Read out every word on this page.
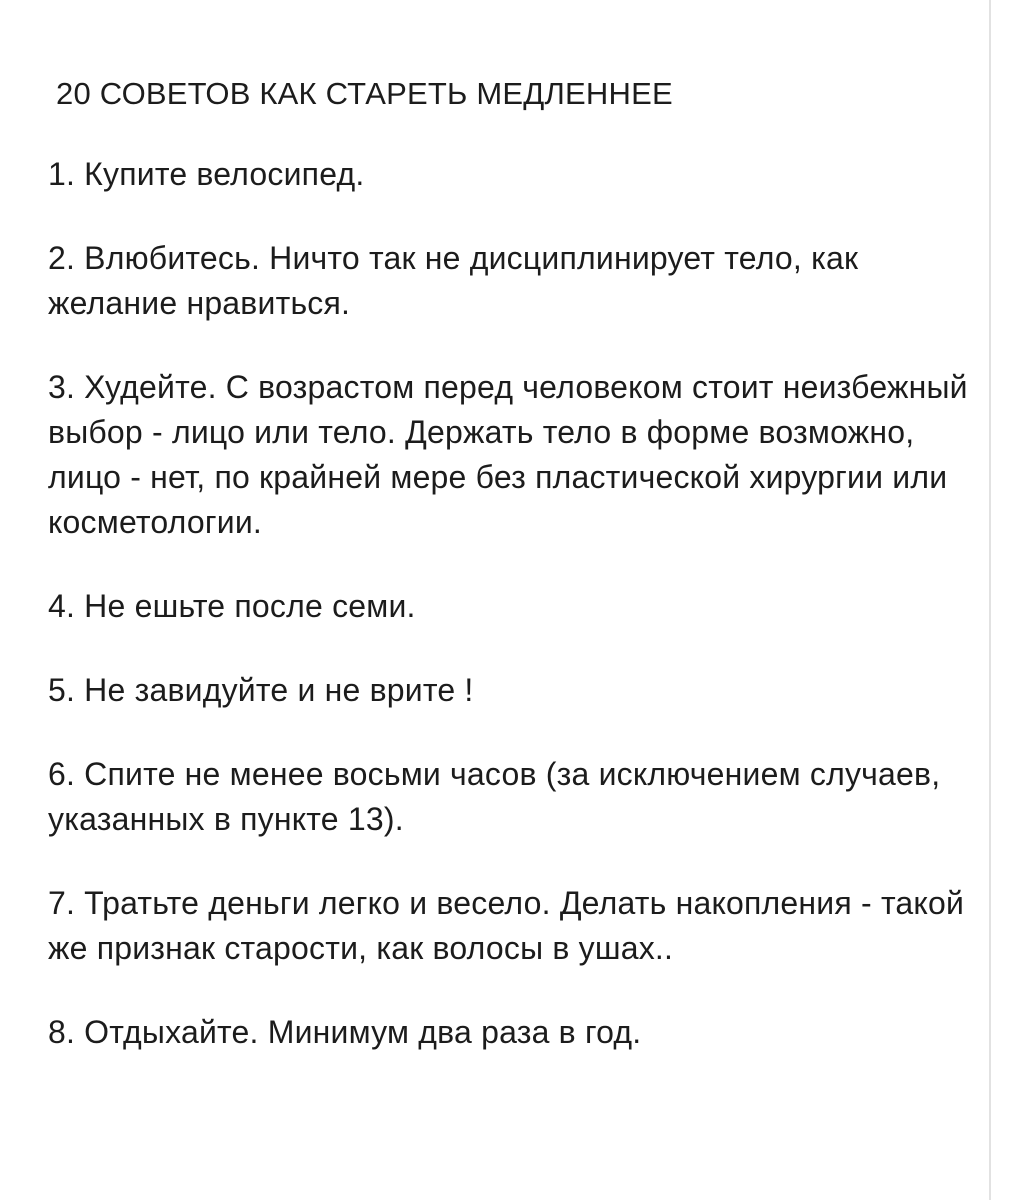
20 СОВЕТОВ КАК СТАРЕТЬ МЕДЛЕННЕЕ

1. Купите велосипед.

2. Влюбитесь. Ничто так не дисциплинирует тело, как желание нравиться.

3. Худейте. С возрастом перед человеком стоит неизбежный выбор - лицо или тело. Держать тело в форме возможно, лицо - нет, по крайней мере без пластической хирургии или косметологии.

4. Не ешьте после семи.

5. Не завидуйте и не врите !

6. Спите не менее восьми часов (за исключением случаев, указанных в пункте 13).

7. Тратьте деньги легко и весело. Делать накопления - такой же признак старости, как волосы в ушах..

8. Отдыхайте. Минимум два раза в год.
